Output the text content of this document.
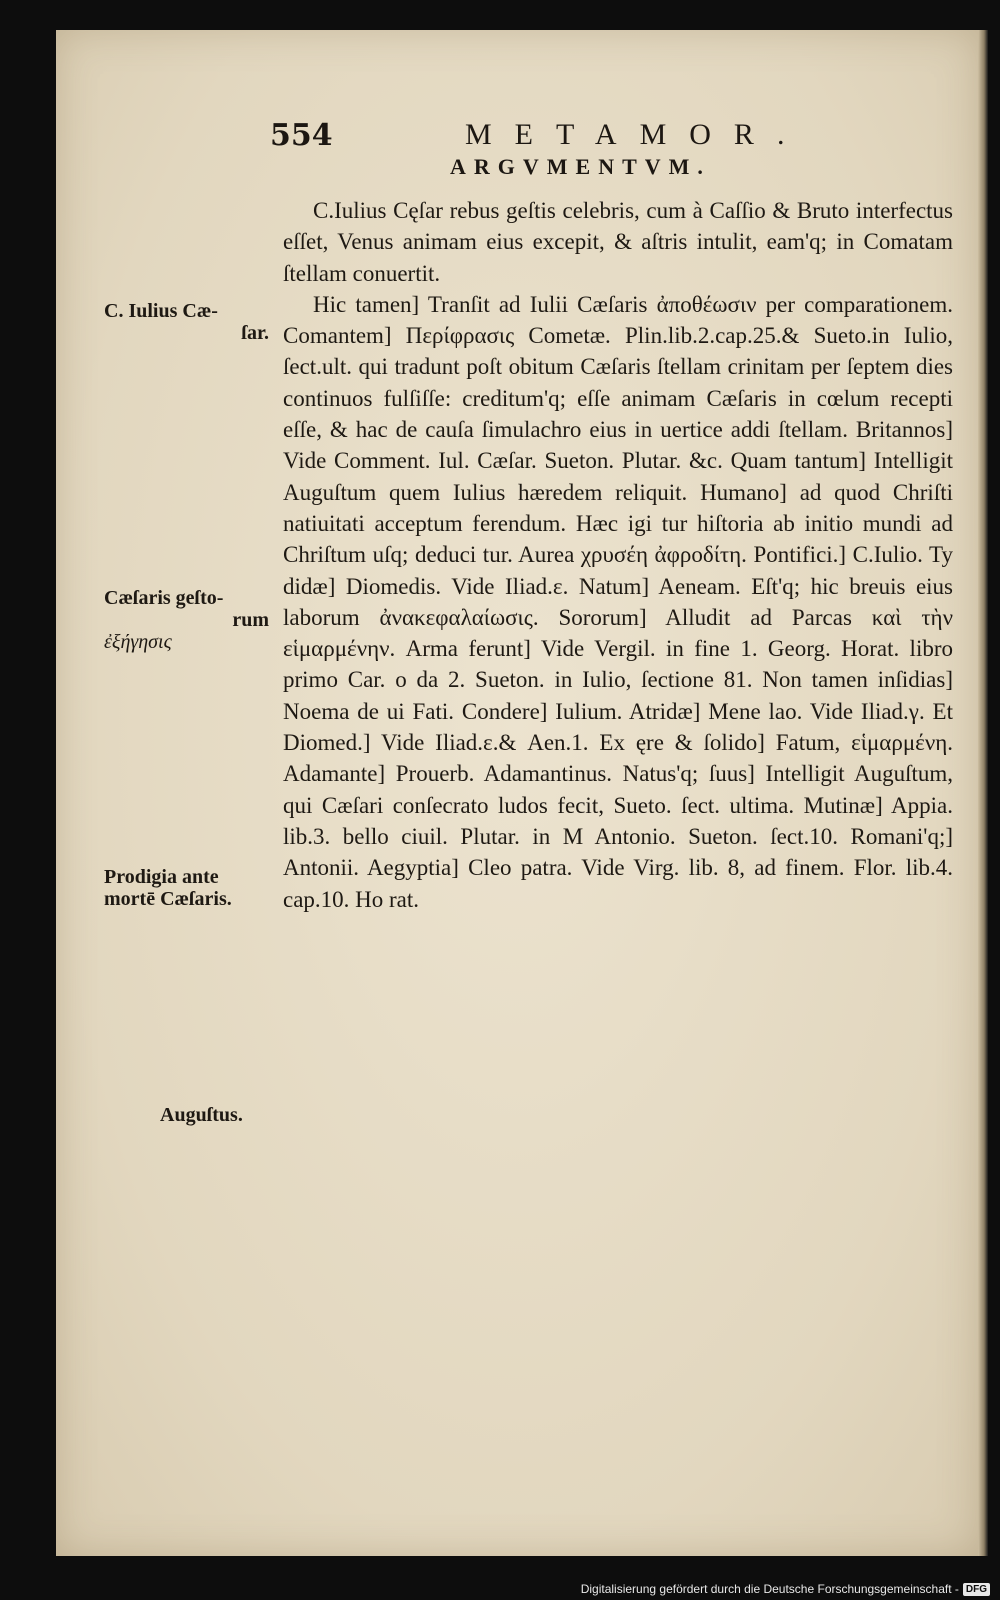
554	METAMOR.
ARGVMENTVM.
C. Iulius Cæ-
ſar.
Cæſaris geſto-
rum
ἐξήγησις
Prodigia ante
mortē Cæſaris.
Auguſtus.

C.Iulius Cęſar rebus geſtis celebris, cum à Caſſio & Bruto interfectus eſſet, Venus animam eius excepit, & aſtris intulit, eam'q; in Comatam ſtellam conuertit.

Hic tamen] Tranſit ad Iulii Cæſaris ἀποθέωσιν per comparationem. Comantem] Περίφρασις Cometæ. Plin.lib.2.cap.25.& Sueto.in Iulio, ſect.ult. qui tradunt poſt obitum Cæſaris ſtellam crinitam per ſeptem dies continuos fulſiſſe: creditum'q; eſſe animam Cæſaris in cœlum recepti eſſe, & hac de cauſa ſimulachro eius in uertice addi ſtellam. Britannos] Vide Comment. Iul. Cæſar. Sueton. Plutar. &c. Quam tantum] Intelligit Auguſtum quem Iulius hæredem reliquit. Humano] ad quod Chriſti natiuitati acceptum ferendum. Hæc igi tur hiſtoria ab initio mundi ad Chriſtum uſq; deduci tur. Aurea χρυσέη ἀφροδίτη. Pontifici.] C.Iulio. Ty didæ] Diomedis. Vide Iliad.ε. Natum] Aeneam. Eſt'q; hic breuis eius laborum ἀνακεφαλαίωσις. Sororum] Alludit ad Parcas καὶ τὴν εἱμαρμένην. Arma ferunt] Vide Vergil. in fine 1. Georg. Horat. libro primo Car. o da 2. Sueton. in Iulio, ſectione 81. Non tamen inſidias] Noema de ui Fati. Condere] Iulium. Atridæ] Mene lao. Vide Iliad.γ. Et Diomed.] Vide Iliad.ε.& Aen.1. Ex ęre & ſolido] Fatum, εἱμαρμένη. Adamante] Prouerb. Adamantinus. Natus'q; ſuus] Intelligit Auguſtum, qui Cæſari conſecrato ludos fecit, Sueto. ſect. ultima. Mutinæ] Appia. lib.3. bello ciuil. Plutar. in M Antonio. Sueton. ſect.10. Romani'q;] Antonii. Aegyptia] Cleo patra. Vide Virg. lib. 8, ad finem. Flor. lib.4. cap.10. Ho rat.

Digitalisierung gefördert durch die Deutsche Forschungsgemeinschaft - DFG
